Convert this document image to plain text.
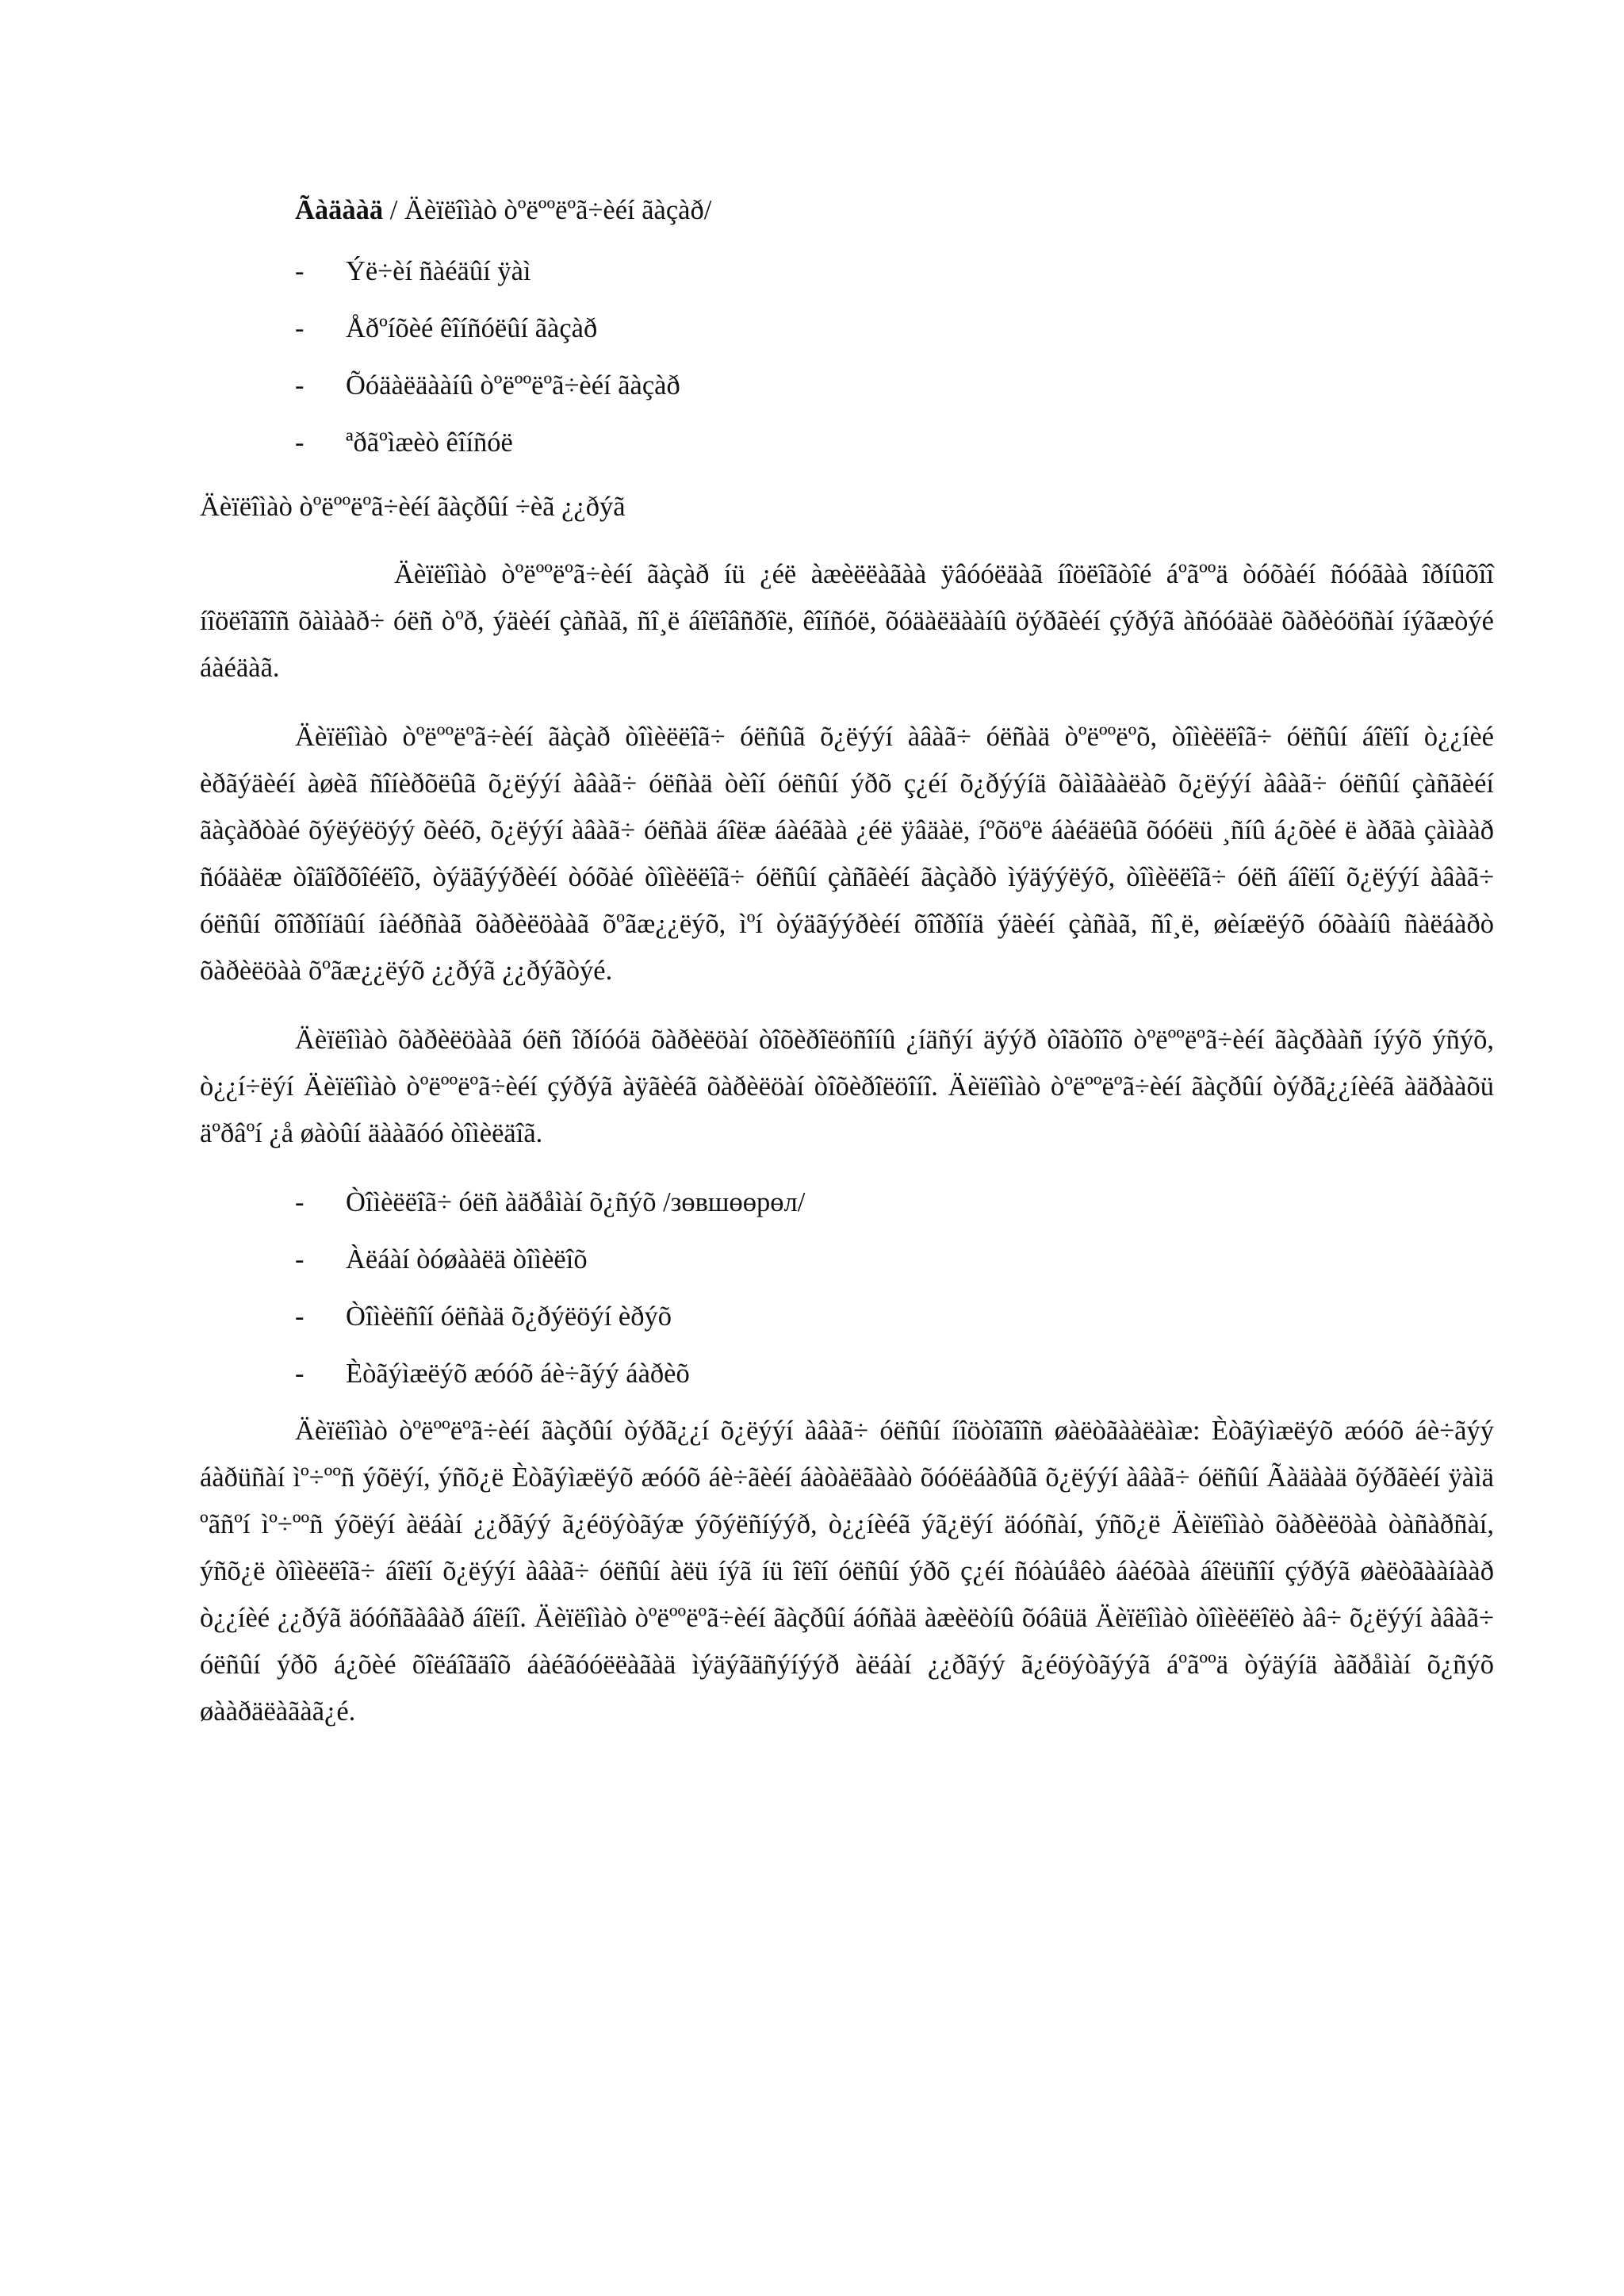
Ãàäààä / Äèïëîìàò òºëººëºã÷èéí ãàçàð/
- Ýë÷èí ñàéäûí ÿàì
- Åðºíõèé êîíñóëûí ãàçàð
- Õóäàëäààíû òºëººëºã÷èéí ãàçàð
- ªðãºìæèò êîíñóë
Äèïëîìàò òºëººëºã÷èéí ãàçðûí ÷èã ¿¿ðýã

Äèïëîìàò òºëººëºã÷èéí ãàçàð íü ¿éë àæèëëàãàà ÿâóóëäàã íîöëîãòîé áºãººä òóõàéí ñóóãàà îðíûõîî íîöëîãîîñ õàìààð÷ óëñ òºð, ýäèéí çàñàã, ñî¸ë áîëîâñðîë, êîíñóë, õóäàëäààíû öýðãèéí çýðýã àñóóäàë õàðèóöñàí íýãæòýé áàéäàã.

Äèïëîìàò òºëººëºã÷èéí ãàçàð òîìèëëîã÷ óëñûã õ¿ëýýí àâàã÷ óëñàä òºëººëºõ, òîìèëëîã÷ óëñûí áîëîí ò¿¿íèé èðãýäèéí àøèã ñîíèðõëûã õ¿ëýýí àâàã÷ óëñàä òèîí óëñûí ýðõ ç¿éí õ¿ðýýíä õàìãààëàõ õ¿ëýýí àâàã÷ óëñûí çàñãèéí ãàçàðòàé õýëýëöýý õèéõ, õ¿ëýýí àâàã÷ óëñàä áîëæ áàéãàà ¿éë ÿâäàë, íºõöºë áàéäëûã õóóëü ¸ñíû á¿õèé ë àðãà çàìààð ñóäàëæ òîäîðõîéëîõ, òýäãýýðèéí òóõàé òîìèëëîã÷ óëñûí çàñãèéí ãàçàðò ìýäýýëýõ, òîìèëëîã÷ óëñ áîëîí õ¿ëýýí àâàã÷ óëñûí õîîðîíäûí íàéðñàã õàðèëöààã õºãæ¿¿ëýõ, ìºí òýäãýýðèéí õîîðîíä ýäèéí çàñàã, ñî¸ë, øèíæëýõ óõààíû ñàëáàðò õàðèëöàà õºãæ¿¿ëýõ ¿¿ðýã ¿¿ðýãòýé.

Äèïëîìàò õàðèëöààã óëñ îðíóóä õàðèëöàí òîõèðîëöñîíû ¿íäñýí äýýð òîãòîîõ òºëººëºã÷èéí ãàçðààñ íýýõ ýñýõ, ò¿¿í÷ëýí Äèïëîìàò òºëººëºã÷èéí çýðýã àÿãèéã õàðèëöàí òîõèðîëöîíî. Äèïëîìàò òºëººëºã÷èéí ãàçðûí òýðã¿¿íèéã àäðààõü äºðâºí ¿å øàòûí äààãóó òîìèëäîã.

- Òîìèëëîã÷ óëñ àäðåìàí õ¿ñýõ /зөвшөөрөл/
- Àëáàí òóøààëä òîìèëîõ
- Òîìèëñîí óëñàä õ¿ðýëöýí èðýõ
- Èòãýìæëýõ æóóõ áè÷ãýý áàðèõ

Äèïëîìàò òºëººëºã÷èéí ãàçðûí òýðã¿¿í õ¿ëýýí àâàã÷ óëñûí íîöòîãîîñ øàëòãààëàìæ: Èòãýìæëýõ æóóõ áè÷ãýý áàðüñàí ìº÷ººñ ýõëýí, ýñõ¿ë Èòãýìæëýõ æóóõ áè÷ãèéí áàòàëãààò õóóëáàðûã õ¿ëýýí àâàã÷ óëñûí Ãàäààä õýðãèéí ÿàìä ºãñºí ìº÷ººñ ýõëýí àëáàí ¿¿ðãýý ã¿éöýòãýæ ýõýëñíýýð, ò¿¿íèéã ýã¿ëýí äóóñàí, ýñõ¿ë Äèïëîìàò õàðèëöàà òàñàðñàí, ýñõ¿ë òîìèëëîã÷ áîëîí õ¿ëýýí àâàã÷ óëñûí àëü íýã íü îëîí óëñûí ýðõ ç¿éí ñóàúåêò áàéõàà áîëüñîí çýðýã øàëòãààíààð ò¿¿íèé ¿¿ðýã äóóñãàâàð áîëíî. Äèïëîìàò òºëººëºã÷èéí ãàçðûí áóñàä àæèëòíû õóâüä Äèïëîìàò òîìèëëîëò àâ÷ õ¿ëýýí àâàã÷ óëñûí ýðõ á¿õèé õîëáîãäîõ áàéãóóëëàãàä ìýäýãäñýíýýð àëáàí ¿¿ðãýý ã¿éöýòãýýã áºãººä òýäýíä àãðåìàí õ¿ñýõ øààðäëàãàã¿é.
